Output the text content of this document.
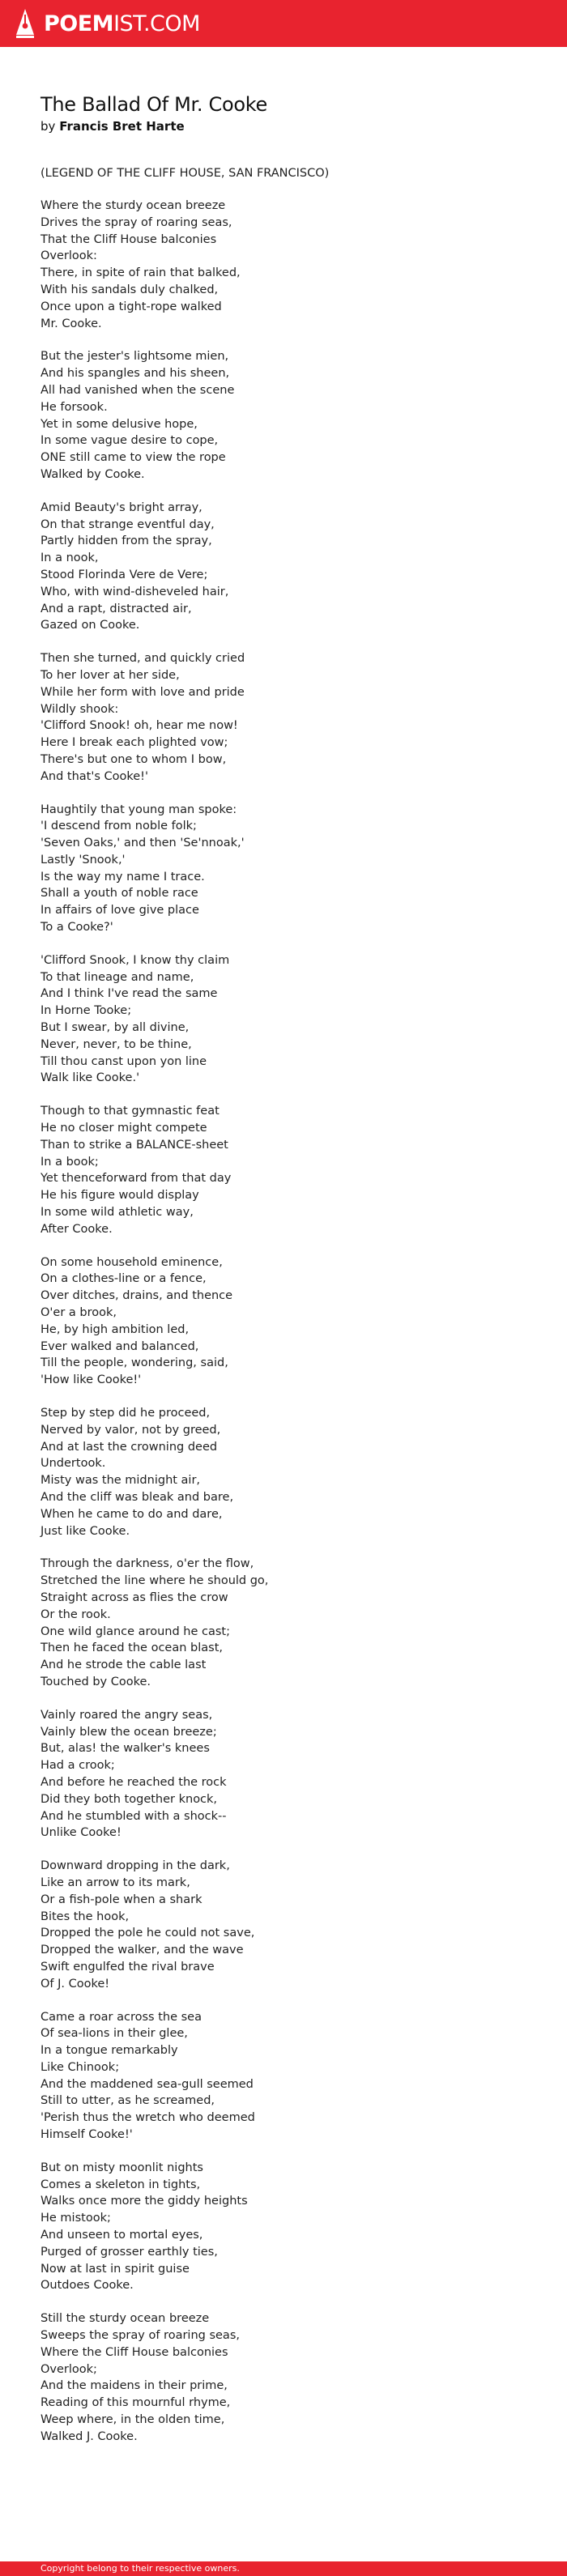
POEMIST.COM
The Ballad Of Mr. Cooke
by Francis Bret Harte
(LEGEND OF THE CLIFF HOUSE, SAN FRANCISCO)
Where the sturdy ocean breeze
Drives the spray of roaring seas,
That the Cliff House balconies
Overlook:
There, in spite of rain that balked,
With his sandals duly chalked,
Once upon a tight-rope walked
Mr. Cooke.
But the jester's lightsome mien,
And his spangles and his sheen,
All had vanished when the scene
He forsook.
Yet in some delusive hope,
In some vague desire to cope,
ONE still came to view the rope
Walked by Cooke.
Amid Beauty's bright array,
On that strange eventful day,
Partly hidden from the spray,
In a nook,
Stood Florinda Vere de Vere;
Who, with wind-disheveled hair,
And a rapt, distracted air,
Gazed on Cooke.
Then she turned, and quickly cried
To her lover at her side,
While her form with love and pride
Wildly shook:
'Clifford Snook! oh, hear me now!
Here I break each plighted vow;
There's but one to whom I bow,
And that's Cooke!'
Haughtily that young man spoke:
'I descend from noble folk;
'Seven Oaks,' and then 'Se'nnoak,'
Lastly 'Snook,'
Is the way my name I trace.
Shall a youth of noble race
In affairs of love give place
To a Cooke?'
'Clifford Snook, I know thy claim
To that lineage and name,
And I think I've read the same
In Horne Tooke;
But I swear, by all divine,
Never, never, to be thine,
Till thou canst upon yon line
Walk like Cooke.'
Though to that gymnastic feat
He no closer might compete
Than to strike a BALANCE-sheet
In a book;
Yet thenceforward from that day
He his figure would display
In some wild athletic way,
After Cooke.
On some household eminence,
On a clothes-line or a fence,
Over ditches, drains, and thence
O'er a brook,
He, by high ambition led,
Ever walked and balanced,
Till the people, wondering, said,
'How like Cooke!'
Step by step did he proceed,
Nerved by valor, not by greed,
And at last the crowning deed
Undertook.
Misty was the midnight air,
And the cliff was bleak and bare,
When he came to do and dare,
Just like Cooke.
Through the darkness, o'er the flow,
Stretched the line where he should go,
Straight across as flies the crow
Or the rook.
One wild glance around he cast;
Then he faced the ocean blast,
And he strode the cable last
Touched by Cooke.
Vainly roared the angry seas,
Vainly blew the ocean breeze;
But, alas! the walker's knees
Had a crook;
And before he reached the rock
Did they both together knock,
And he stumbled with a shock--
Unlike Cooke!
Downward dropping in the dark,
Like an arrow to its mark,
Or a fish-pole when a shark
Bites the hook,
Dropped the pole he could not save,
Dropped the walker, and the wave
Swift engulfed the rival brave
Of J. Cooke!
Came a roar across the sea
Of sea-lions in their glee,
In a tongue remarkably
Like Chinook;
And the maddened sea-gull seemed
Still to utter, as he screamed,
'Perish thus the wretch who deemed
Himself Cooke!'
But on misty moonlit nights
Comes a skeleton in tights,
Walks once more the giddy heights
He mistook;
And unseen to mortal eyes,
Purged of grosser earthly ties,
Now at last in spirit guise
Outdoes Cooke.
Still the sturdy ocean breeze
Sweeps the spray of roaring seas,
Where the Cliff House balconies
Overlook;
And the maidens in their prime,
Reading of this mournful rhyme,
Weep where, in the olden time,
Walked J. Cooke.
Copyright belong to their respective owners.
